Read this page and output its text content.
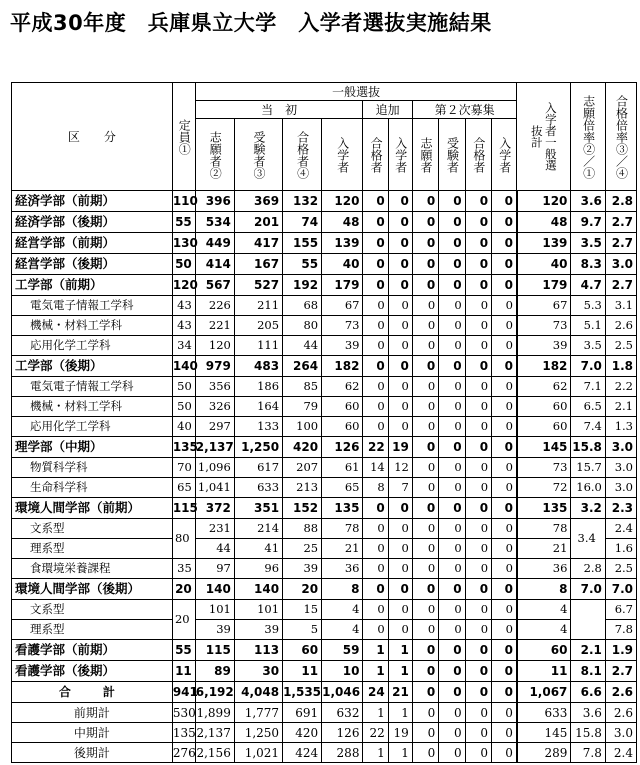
平成30年度　兵庫県立大学　入学者選抜実施結果
区　　分	定員①	一般選抜										入学者一般選抜計	志願倍率②／①	合格倍率③／④

		当　初				追加		第２次募集						

		志願者②	受験者③	合格者④	入学者	合格者	入学者	志願者	受験者	合格者	入学者			

経済学部（前期）	110	396	369	132	120	0	0	0	0	0	0	120	3.6	2.8
経済学部（後期）	55	534	201	74	48	0	0	0	0	0	0	48	9.7	2.7
経営学部（前期）	130	449	417	155	139	0	0	0	0	0	0	139	3.5	2.7
経営学部（後期）	50	414	167	55	40	0	0	0	0	0	0	40	8.3	3.0
工学部（前期）	120	567	527	192	179	0	0	0	0	0	0	179	4.7	2.7
電気電子情報工学科	43	226	211	68	67	0	0	0	0	0	0	67	5.3	3.1
機械・材料工学科	43	221	205	80	73	0	0	0	0	0	0	73	5.1	2.6
応用化学工学科	34	120	111	44	39	0	0	0	0	0	0	39	3.5	2.5
工学部（後期）	140	979	483	264	182	0	0	0	0	0	0	182	7.0	1.8
電気電子情報工学科	50	356	186	85	62	0	0	0	0	0	0	62	7.1	2.2
機械・材料工学科	50	326	164	79	60	0	0	0	0	0	0	60	6.5	2.1
応用化学工学科	40	297	133	100	60	0	0	0	0	0	0	60	7.4	1.3
理学部（中期）	135	2,137	1,250	420	126	22	19	0	0	0	0	145	15.8	3.0
物質科学科	70	1,096	617	207	61	14	12	0	0	0	0	73	15.7	3.0
生命科学科	65	1,041	633	213	65	8	7	0	0	0	0	72	16.0	3.0
環境人間学部（前期）	115	372	351	152	135	0	0	0	0	0	0	135	3.2	2.3
文系型	80	231	214	88	78	0	0	0	0	0	0	78	3.4	2.4
理系型		44	41	25	21	0	0	0	0	0	0	21		1.6
食環境栄養課程	35	97	96	39	36	0	0	0	0	0	0	36	2.8	2.5
環境人間学部（後期）	20	140	140	20	8	0	0	0	0	0	0	8	7.0	7.0
文系型	20	101	101	15	4	0	0	0	0	0	0	4		6.7
理系型		39	39	5	4	0	0	0	0	0	0	4		7.8
看護学部（前期）	55	115	113	60	59	1	1	0	0	0	0	60	2.1	1.9
看護学部（後期）	11	89	30	11	10	1	1	0	0	0	0	11	8.1	2.7
合　計	941	6,192	4,048	1,535	1,046	24	21	0	0	0	0	1,067	6.6	2.6
前期計	530	1,899	1,777	691	632	1	1	0	0	0	0	633	3.6	2.6
中期計	135	2,137	1,250	420	126	22	19	0	0	0	0	145	15.8	3.0
後期計	276	2,156	1,021	424	288	1	1	0	0	0	0	289	7.8	2.4
